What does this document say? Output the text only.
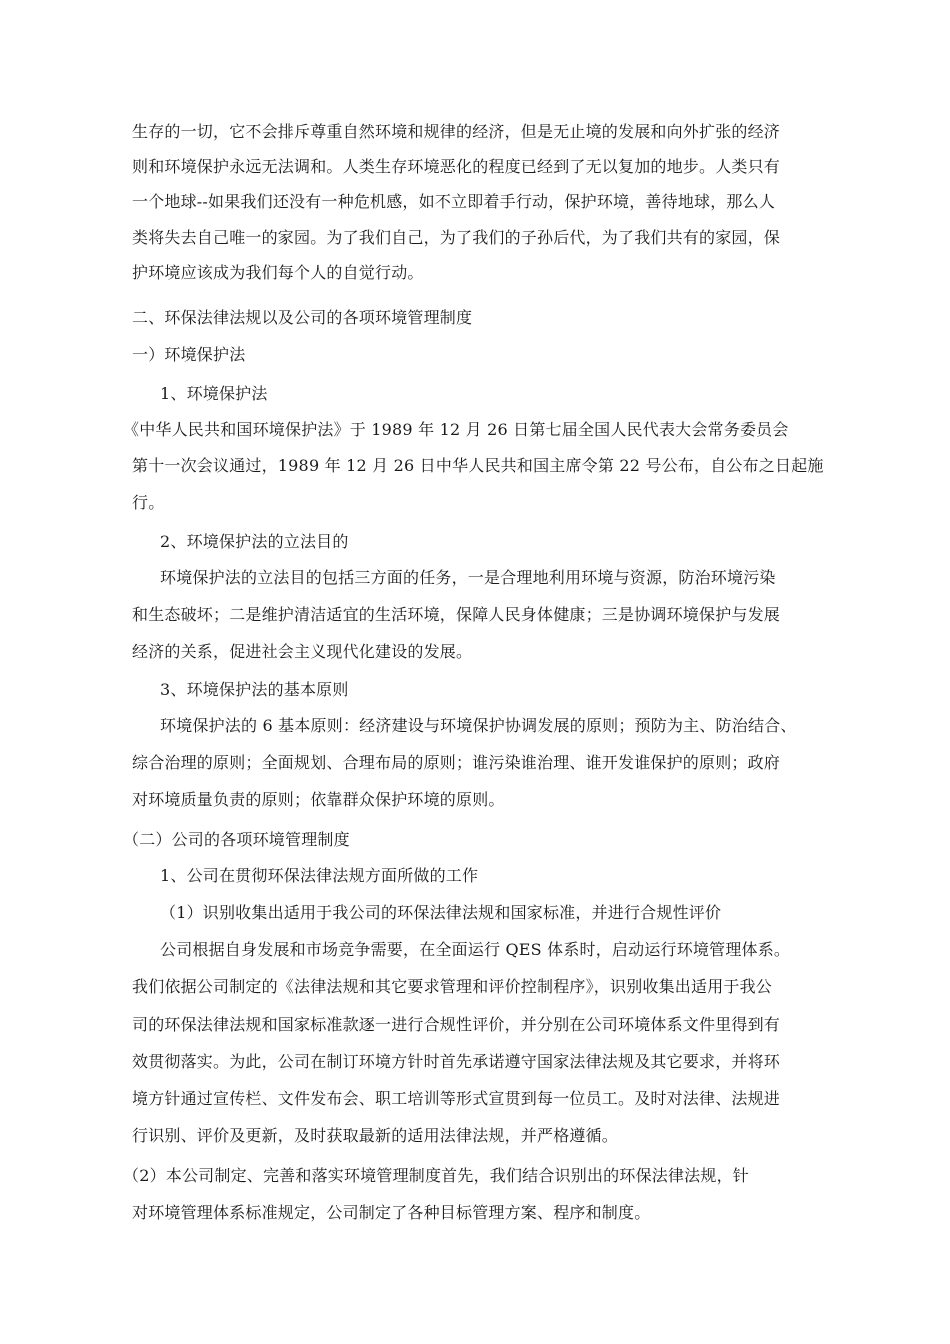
生存的一切，它不会排斥尊重自然环境和规律的经济，但是无止境的发展和向外扩张的经济

则和环境保护永远无法调和。人类生存环境恶化的程度已经到了无以复加的地步。人类只有

一个地球--如果我们还没有一种危机感，如不立即着手行动，保护环境，善待地球，那么人

类将失去自己唯一的家园。为了我们自己，为了我们的子孙后代，为了我们共有的家园，保

护环境应该成为我们每个人的自觉行动。

二、环保法律法规以及公司的各项环境管理制度

一）环境保护法

1、环境保护法

《中华人民共和国环境保护法》于 1989 年 12 月 26 日第七届全国人民代表大会常务委员会

第十一次会议通过，1989 年 12 月 26 日中华人民共和国主席令第 22 号公布，自公布之日起施

行。

2、环境保护法的立法目的

环境保护法的立法目的包括三方面的任务，一是合理地利用环境与资源，防治环境污染

和生态破坏；二是维护清洁适宜的生活环境，保障人民身体健康；三是协调环境保护与发展

经济的关系，促进社会主义现代化建设的发展。

3、环境保护法的基本原则

环境保护法的 6 基本原则：经济建设与环境保护协调发展的原则；预防为主、防治结合、

综合治理的原则；全面规划、合理布局的原则；谁污染谁治理、谁开发谁保护的原则；政府

对环境质量负责的原则；依靠群众保护环境的原则。

（二）公司的各项环境管理制度

1、公司在贯彻环保法律法规方面所做的工作

（1）识别收集出适用于我公司的环保法律法规和国家标准，并进行合规性评价

公司根据自身发展和市场竞争需要，在全面运行 QES 体系时，启动运行环境管理体系。

我们依据公司制定的《法律法规和其它要求管理和评价控制程序》，识别收集出适用于我公

司的环保法律法规和国家标准款逐一进行合规性评价，并分别在公司环境体系文件里得到有

效贯彻落实。为此，公司在制订环境方针时首先承诺遵守国家法律法规及其它要求，并将环

境方针通过宣传栏、文件发布会、职工培训等形式宣贯到每一位员工。及时对法律、法规进

行识别、评价及更新，及时获取最新的适用法律法规，并严格遵循。

（2）本公司制定、完善和落实环境管理制度首先，我们结合识别出的环保法律法规，针

对环境管理体系标准规定，公司制定了各种目标管理方案、程序和制度。
